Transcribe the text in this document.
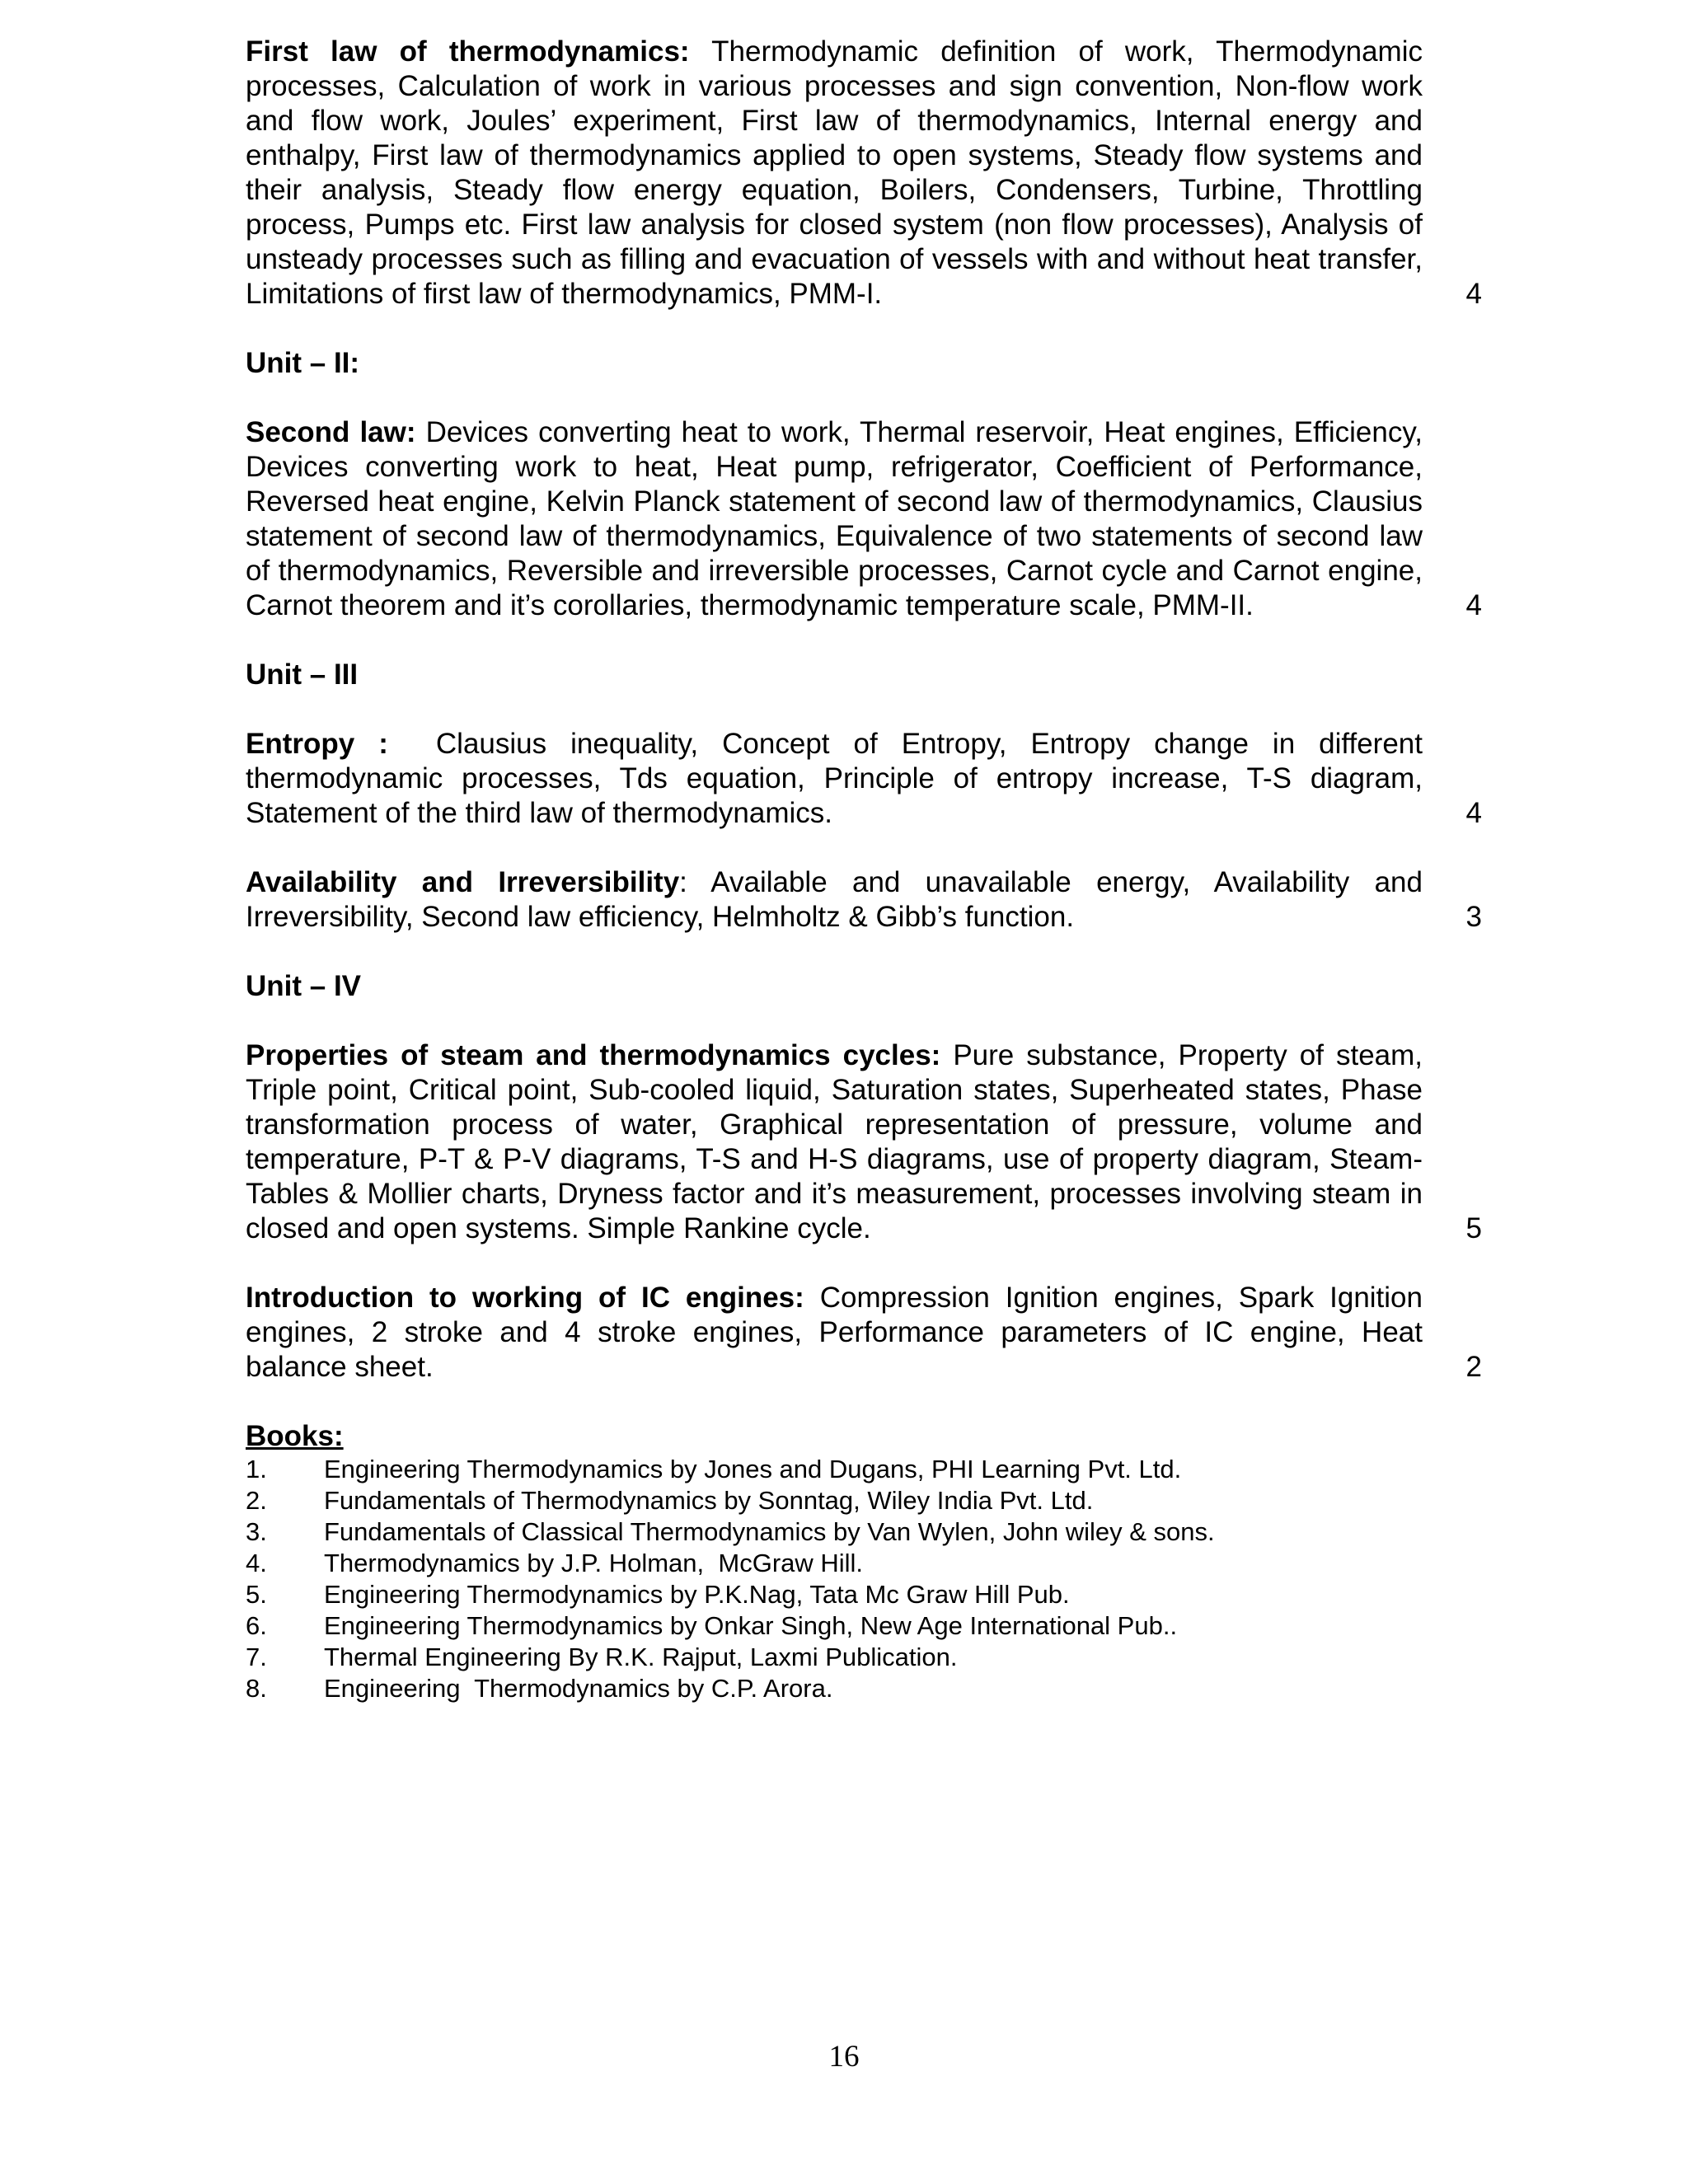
First law of thermodynamics: Thermodynamic definition of work, Thermodynamic processes, Calculation of work in various processes and sign convention, Non-flow work and flow work, Joules’ experiment, First law of thermodynamics, Internal energy and enthalpy, First law of thermodynamics applied to open systems, Steady flow systems and their analysis, Steady flow energy equation, Boilers, Condensers, Turbine, Throttling process, Pumps etc. First law analysis for closed system (non flow processes), Analysis of unsteady processes such as filling and evacuation of vessels with and without heat transfer, Limitations of first law of thermodynamics, PMM-I.	4

Unit – II:

Second law: Devices converting heat to work, Thermal reservoir, Heat engines, Efficiency, Devices converting work to heat, Heat pump, refrigerator, Coefficient of Performance, Reversed heat engine, Kelvin Planck statement of second law of thermodynamics, Clausius statement of second law of thermodynamics, Equivalence of two statements of second law of thermodynamics, Reversible and irreversible processes, Carnot cycle and Carnot engine, Carnot theorem and it’s corollaries, thermodynamic temperature scale, PMM-II.	4

Unit – III

Entropy :  Clausius inequality, Concept of Entropy, Entropy change in different thermodynamic processes, Tds equation, Principle of entropy increase, T-S diagram, Statement of the third law of thermodynamics.	4

Availability and Irreversibility: Available and unavailable energy, Availability and Irreversibility, Second law efficiency, Helmholtz & Gibb’s function.	3

Unit – IV

Properties of steam and thermodynamics cycles: Pure substance, Property of steam, Triple point, Critical point, Sub-cooled liquid, Saturation states, Superheated states, Phase transformation process of water, Graphical representation of pressure, volume and temperature, P-T & P-V diagrams, T-S and H-S diagrams, use of property diagram, Steam-Tables & Mollier charts, Dryness factor and it’s measurement, processes involving steam in closed and open systems. Simple Rankine cycle.	5

Introduction to working of IC engines: Compression Ignition engines, Spark Ignition engines, 2 stroke and 4 stroke engines, Performance parameters of IC engine, Heat balance sheet.	2

Books:

1.	Engineering Thermodynamics by Jones and Dugans, PHI Learning Pvt. Ltd.
2.	Fundamentals of Thermodynamics by Sonntag, Wiley India Pvt. Ltd.
3.	Fundamentals of Classical Thermodynamics by Van Wylen, John wiley & sons.
4.	Thermodynamics by J.P. Holman,  McGraw Hill.
5.	Engineering Thermodynamics by P.K.Nag, Tata Mc Graw Hill Pub.
6.	Engineering Thermodynamics by Onkar Singh, New Age International Pub..
7.	Thermal Engineering By R.K. Rajput, Laxmi Publication.
8.	Engineering  Thermodynamics by C.P. Arora.
16
